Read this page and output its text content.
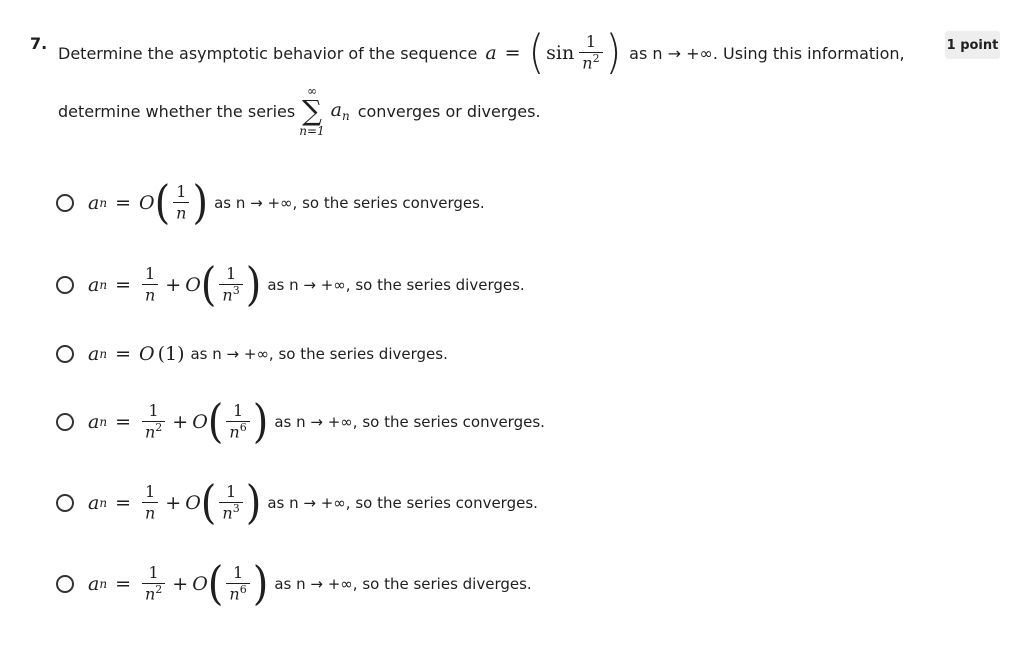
7.	1 point
Determine the asymptotic behavior of the sequence a = ( $\sin \frac{1}{n^2}$ ) as n → +∞. Using this information,
determine whether the series
∞
∑
n=1
$a_n$ converges or diverges.
a n = O ( $\frac{1}{n}$ ) as n → +∞, so the series converges.
a $n = \frac{1}{n} + O$ ( $\frac{1}{n^3}$ ) as n → +∞, so the series diverges.
a n = O (1) as n → +∞, so the series diverges.
a $n = \frac{1}{n^2} + O$ ( $\frac{1}{n^6}$ ) as n → +∞, so the series converges.
a $n = \frac{1}{n} + O$ ( $\frac{1}{n^3}$ ) as n → +∞, so the series converges.
a $n = \frac{1}{n^2} + O$ ( $\frac{1}{n^6}$ ) as n → +∞, so the series diverges.
